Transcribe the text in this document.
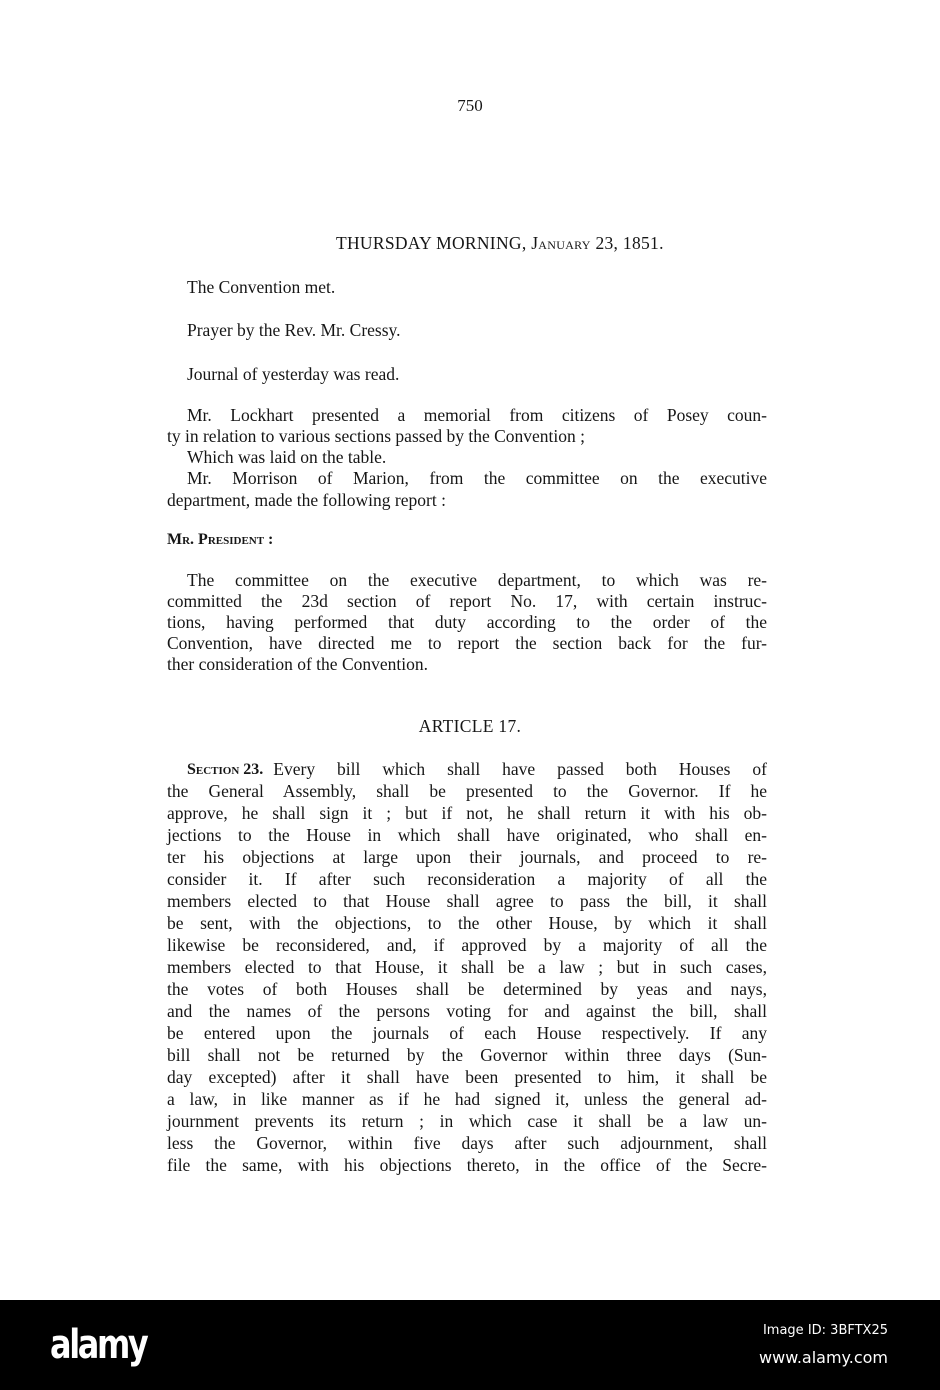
750
THURSDAY MORNING, January 23, 1851.
The Convention met.
Prayer by the Rev. Mr. Cressy.
Journal of yesterday was read.
Mr. Lockhart presented a memorial from citizens of Posey coun-
ty in relation to various sections passed by the Convention ;
Which was laid on the table.
Mr. Morrison of Marion, from the committee on the executive
department, made the following report :
Mr. President :
The committee on the executive department, to which was re-
committed the 23d section of report No. 17, with certain instruc-
tions, having performed that duty according to the order of the
Convention, have directed me to report the section back for the fur-
ther consideration of the Convention.
ARTICLE 17.
Section 23. Every bill which shall have passed both Houses of
the General Assembly, shall be presented to the Governor. If he
approve, he shall sign it ; but if not, he shall return it with his ob-
jections to the House in which shall have originated, who shall en-
ter his objections at large upon their journals, and proceed to re-
consider it. If after such reconsideration a majority of all the
members elected to that House shall agree to pass the bill, it shall
be sent, with the objections, to the other House, by which it shall
likewise be reconsidered, and, if approved by a majority of all the
members elected to that House, it shall be a law ; but in such cases,
the votes of both Houses shall be determined by yeas and nays,
and the names of the persons voting for and against the bill, shall
be entered upon the journals of each House respectively. If any
bill shall not be returned by the Governor within three days (Sun-
day excepted) after it shall have been presented to him, it shall be
a law, in like manner as if he had signed it, unless the general ad-
journment prevents its return ; in which case it shall be a law un-
less the Governor, within five days after such adjournment, shall
file the same, with his objections thereto, in the office of the Secre-
alamy	Image ID: 3BFTX25
www.alamy.com
